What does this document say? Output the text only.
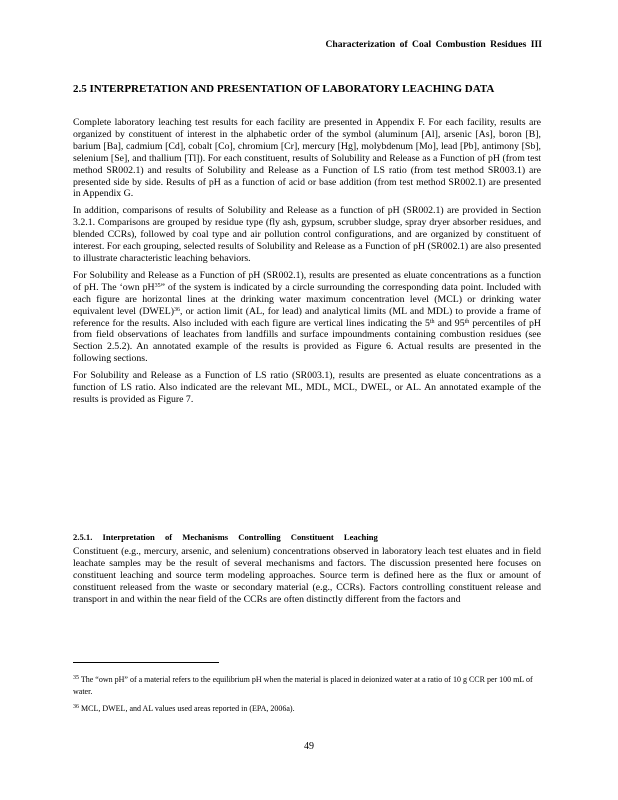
Characterization of Coal Combustion Residues III
2.5 INTERPRETATION AND PRESENTATION OF LABORATORY LEACHING DATA

Complete laboratory leaching test results for each facility are presented in Appendix F. For each facility, results are organized by constituent of interest in the alphabetic order of the symbol (aluminum [Al], arsenic [As], boron [B], barium [Ba], cadmium [Cd], cobalt [Co], chromium [Cr], mercury [Hg], molybdenum [Mo], lead [Pb], antimony [Sb], selenium [Se], and thallium [Tl]). For each constituent, results of Solubility and Release as a Function of pH (from test method SR002.1) and results of Solubility and Release as a Function of LS ratio (from test method SR003.1) are presented side by side. Results of pH as a function of acid or base addition (from test method SR002.1) are presented in Appendix G.

In addition, comparisons of results of Solubility and Release as a function of pH (SR002.1) are provided in Section 3.2.1. Comparisons are grouped by residue type (fly ash, gypsum, scrubber sludge, spray dryer absorber residues, and blended CCRs), followed by coal type and air pollution control configurations, and are organized by constituent of interest. For each grouping, selected results of Solubility and Release as a Function of pH (SR002.1) are also presented to illustrate characteristic leaching behaviors.

For Solubility and Release as a Function of pH (SR002.1), results are presented as eluate concentrations as a function of pH. The ‘own $pH^{35}$” of the system is indicated by a circle surrounding the corresponding data point. Included with each figure are horizontal lines at the drinking water maximum concentration level (MCL) or drinking water equivalent level (DWEL)$^{36}$, or action limit (AL, for lead) and analytical limits (ML and MDL) to provide a frame of reference for the results. Also included with each figure are vertical lines indicating the 5th and 95th percentiles of pH from field observations of leachates from landfills and surface impoundments containing combustion residues (see Section 2.5.2). An annotated example of the results is provided as Figure 6. Actual results are presented in the following sections.

For Solubility and Release as a Function of LS ratio (SR003.1), results are presented as eluate concentrations as a function of LS ratio. Also indicated are the relevant ML, MDL, MCL, DWEL, or AL. An annotated example of the results is provided as Figure 7.

2.5.1. Interpretation of Mechanisms Controlling Constituent Leaching

Constituent (e.g., mercury, arsenic, and selenium) concentrations observed in laboratory leach test eluates and in field leachate samples may be the result of several mechanisms and factors. The discussion presented here focuses on constituent leaching and source term modeling approaches. Source term is defined here as the flux or amount of constituent released from the waste or secondary material (e.g., CCRs). Factors controlling constituent release and transport in and within the near field of the CCRs are often distinctly different from the factors and

$^{35}$ The “own pH” of a material refers to the equilibrium pH when the material is placed in deionized water at a ratio of 10 g CCR per 100 mL of water.

$^{36}$ MCL, DWEL, and AL values used areas reported in (EPA, 2006a).

49
